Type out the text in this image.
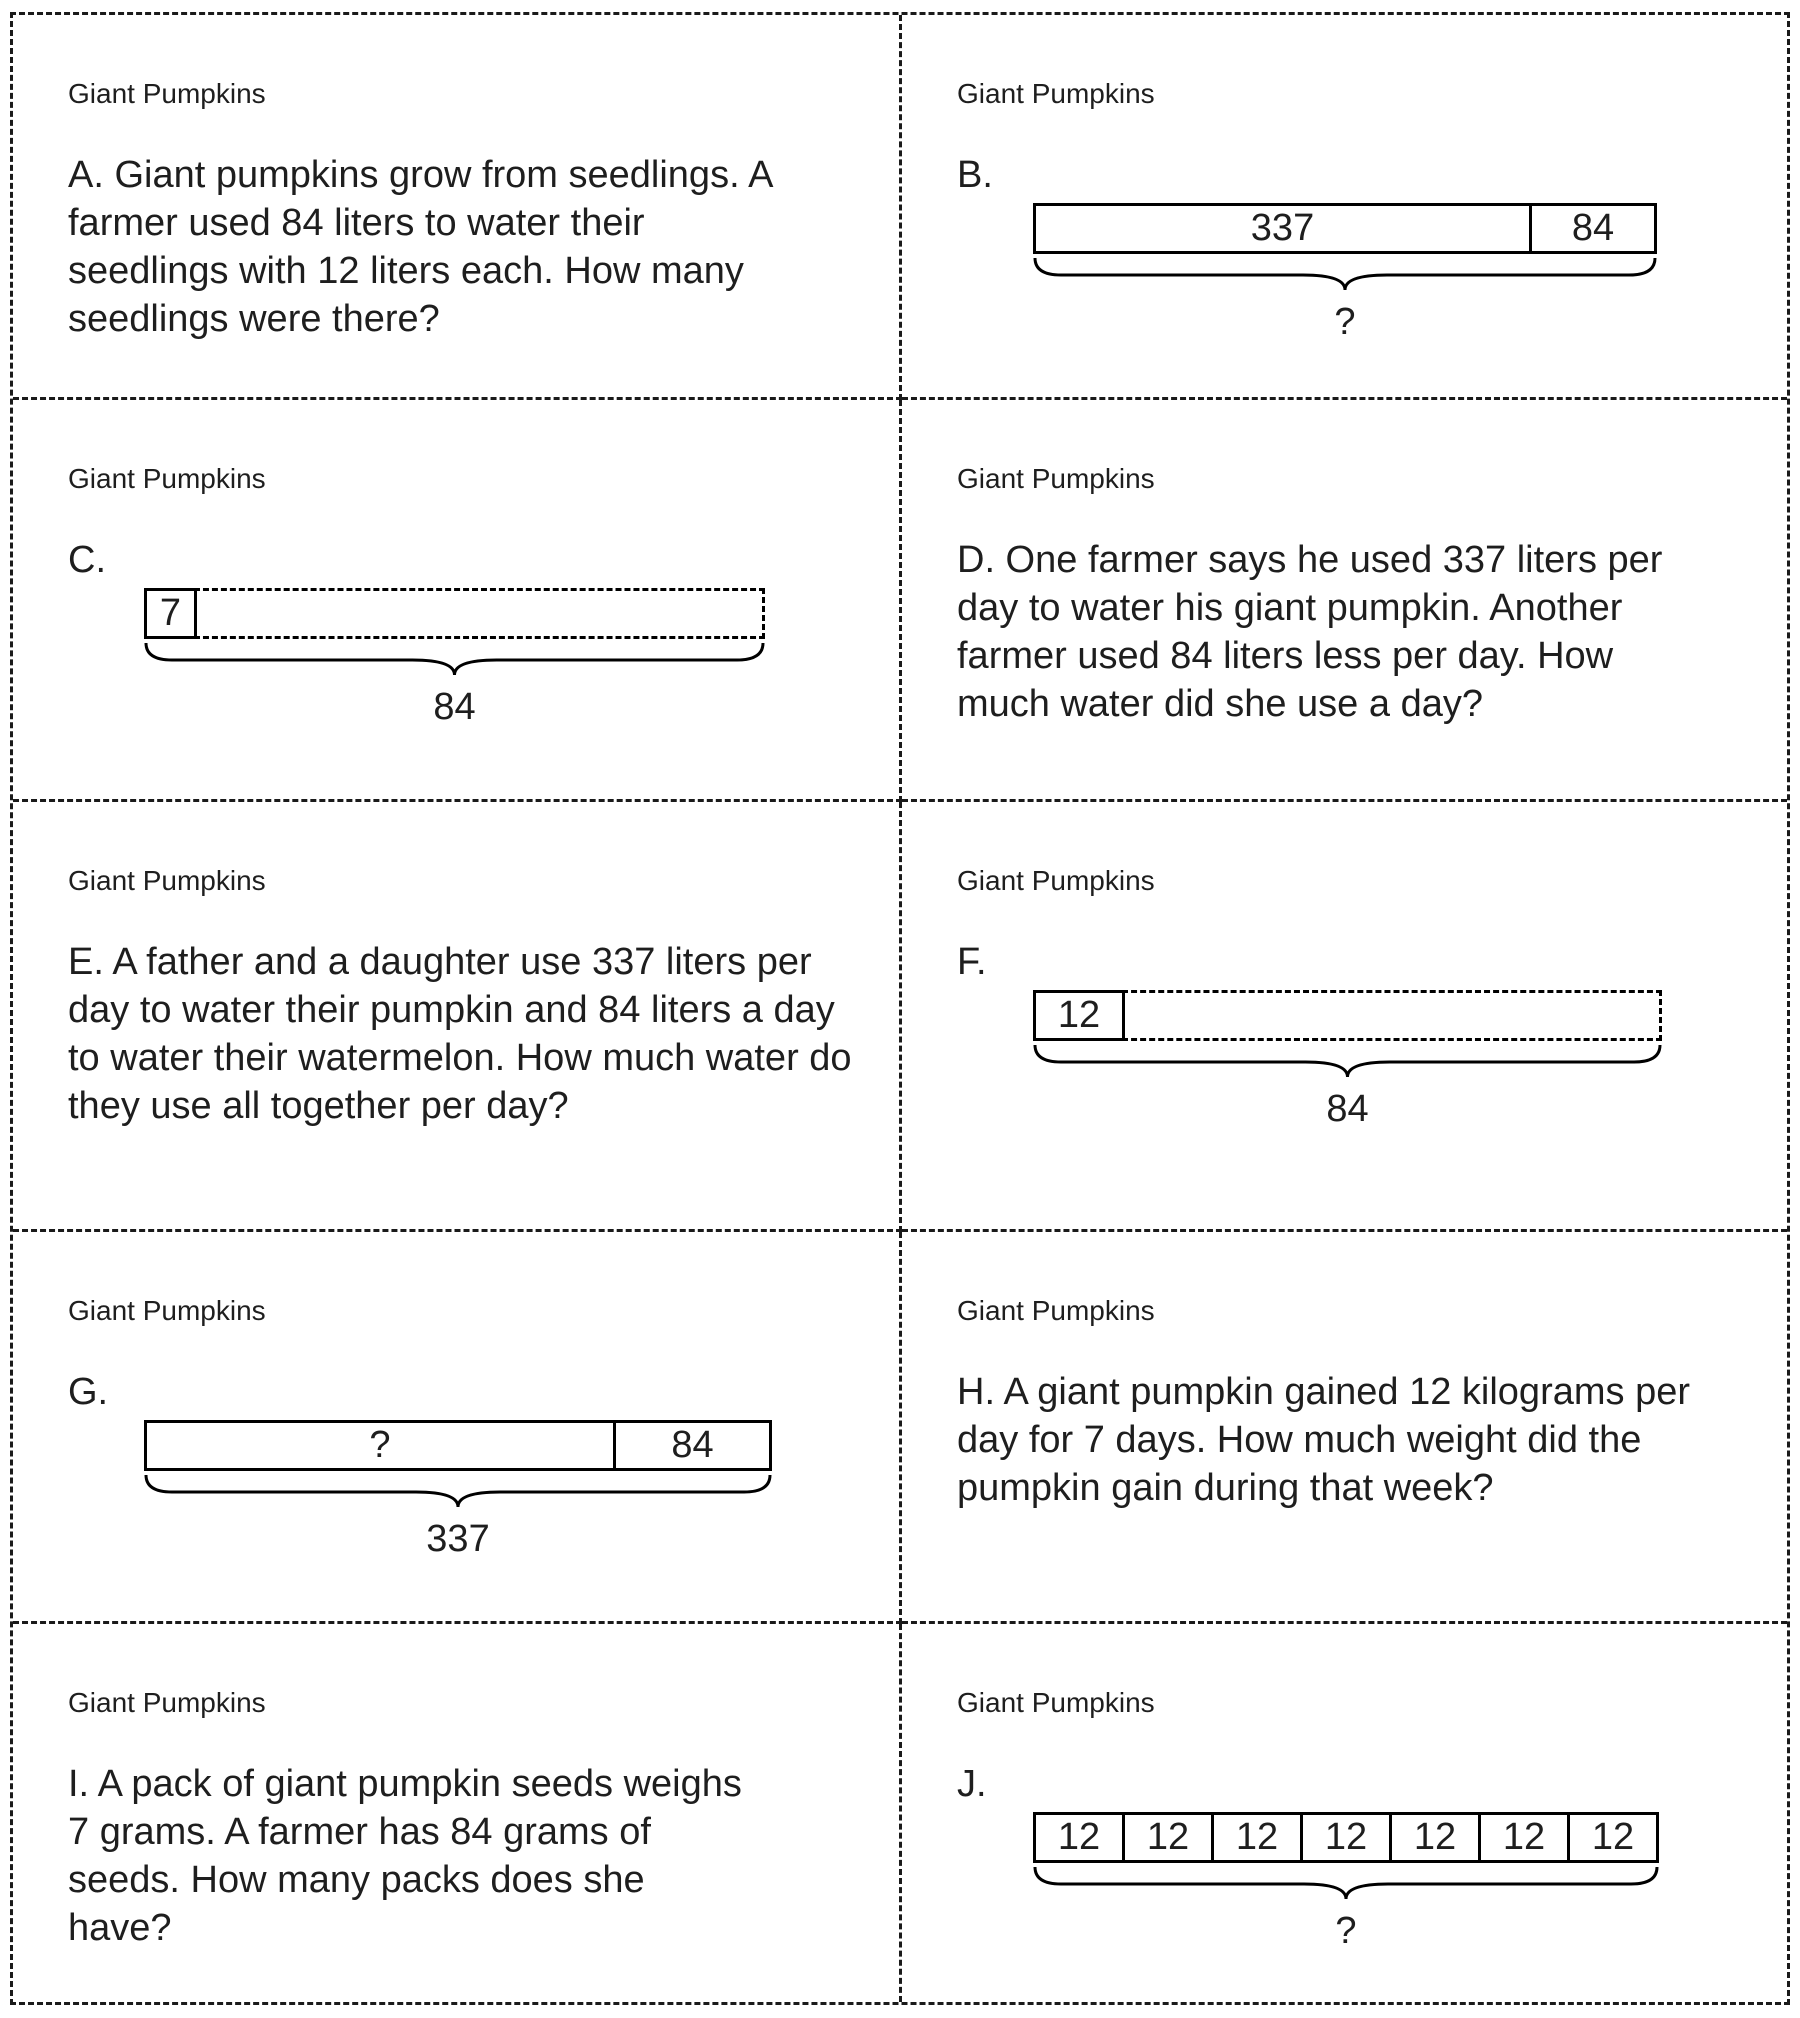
Giant Pumpkins

A. Giant pumpkins grow from seedlings. A farmer used 84 liters to water their seedlings with 12 liters each. How many seedlings were there?

Giant Pumpkins
B.
337	84
?
Giant Pumpkins
C.
7
84
Giant Pumpkins

D. One farmer says he used 337 liters per day to water his giant pumpkin. Another farmer used 84 liters less per day. How much water did she use a day?

Giant Pumpkins

E. A father and a daughter use 337 liters per day to water their pumpkin and 84 liters a day to water their watermelon. How much water do they use all together per day?

Giant Pumpkins
F.
12
84
Giant Pumpkins
G.
?	84
337
Giant Pumpkins

H. A giant pumpkin gained 12 kilograms per day for 7 days. How much weight did the pumpkin gain during that week?

Giant Pumpkins

I. A pack of giant pumpkin seeds weighs 7 grams. A farmer has 84 grams of seeds. How many packs does she have?

Giant Pumpkins
J.
12	12	12	12	12	12	12
?
